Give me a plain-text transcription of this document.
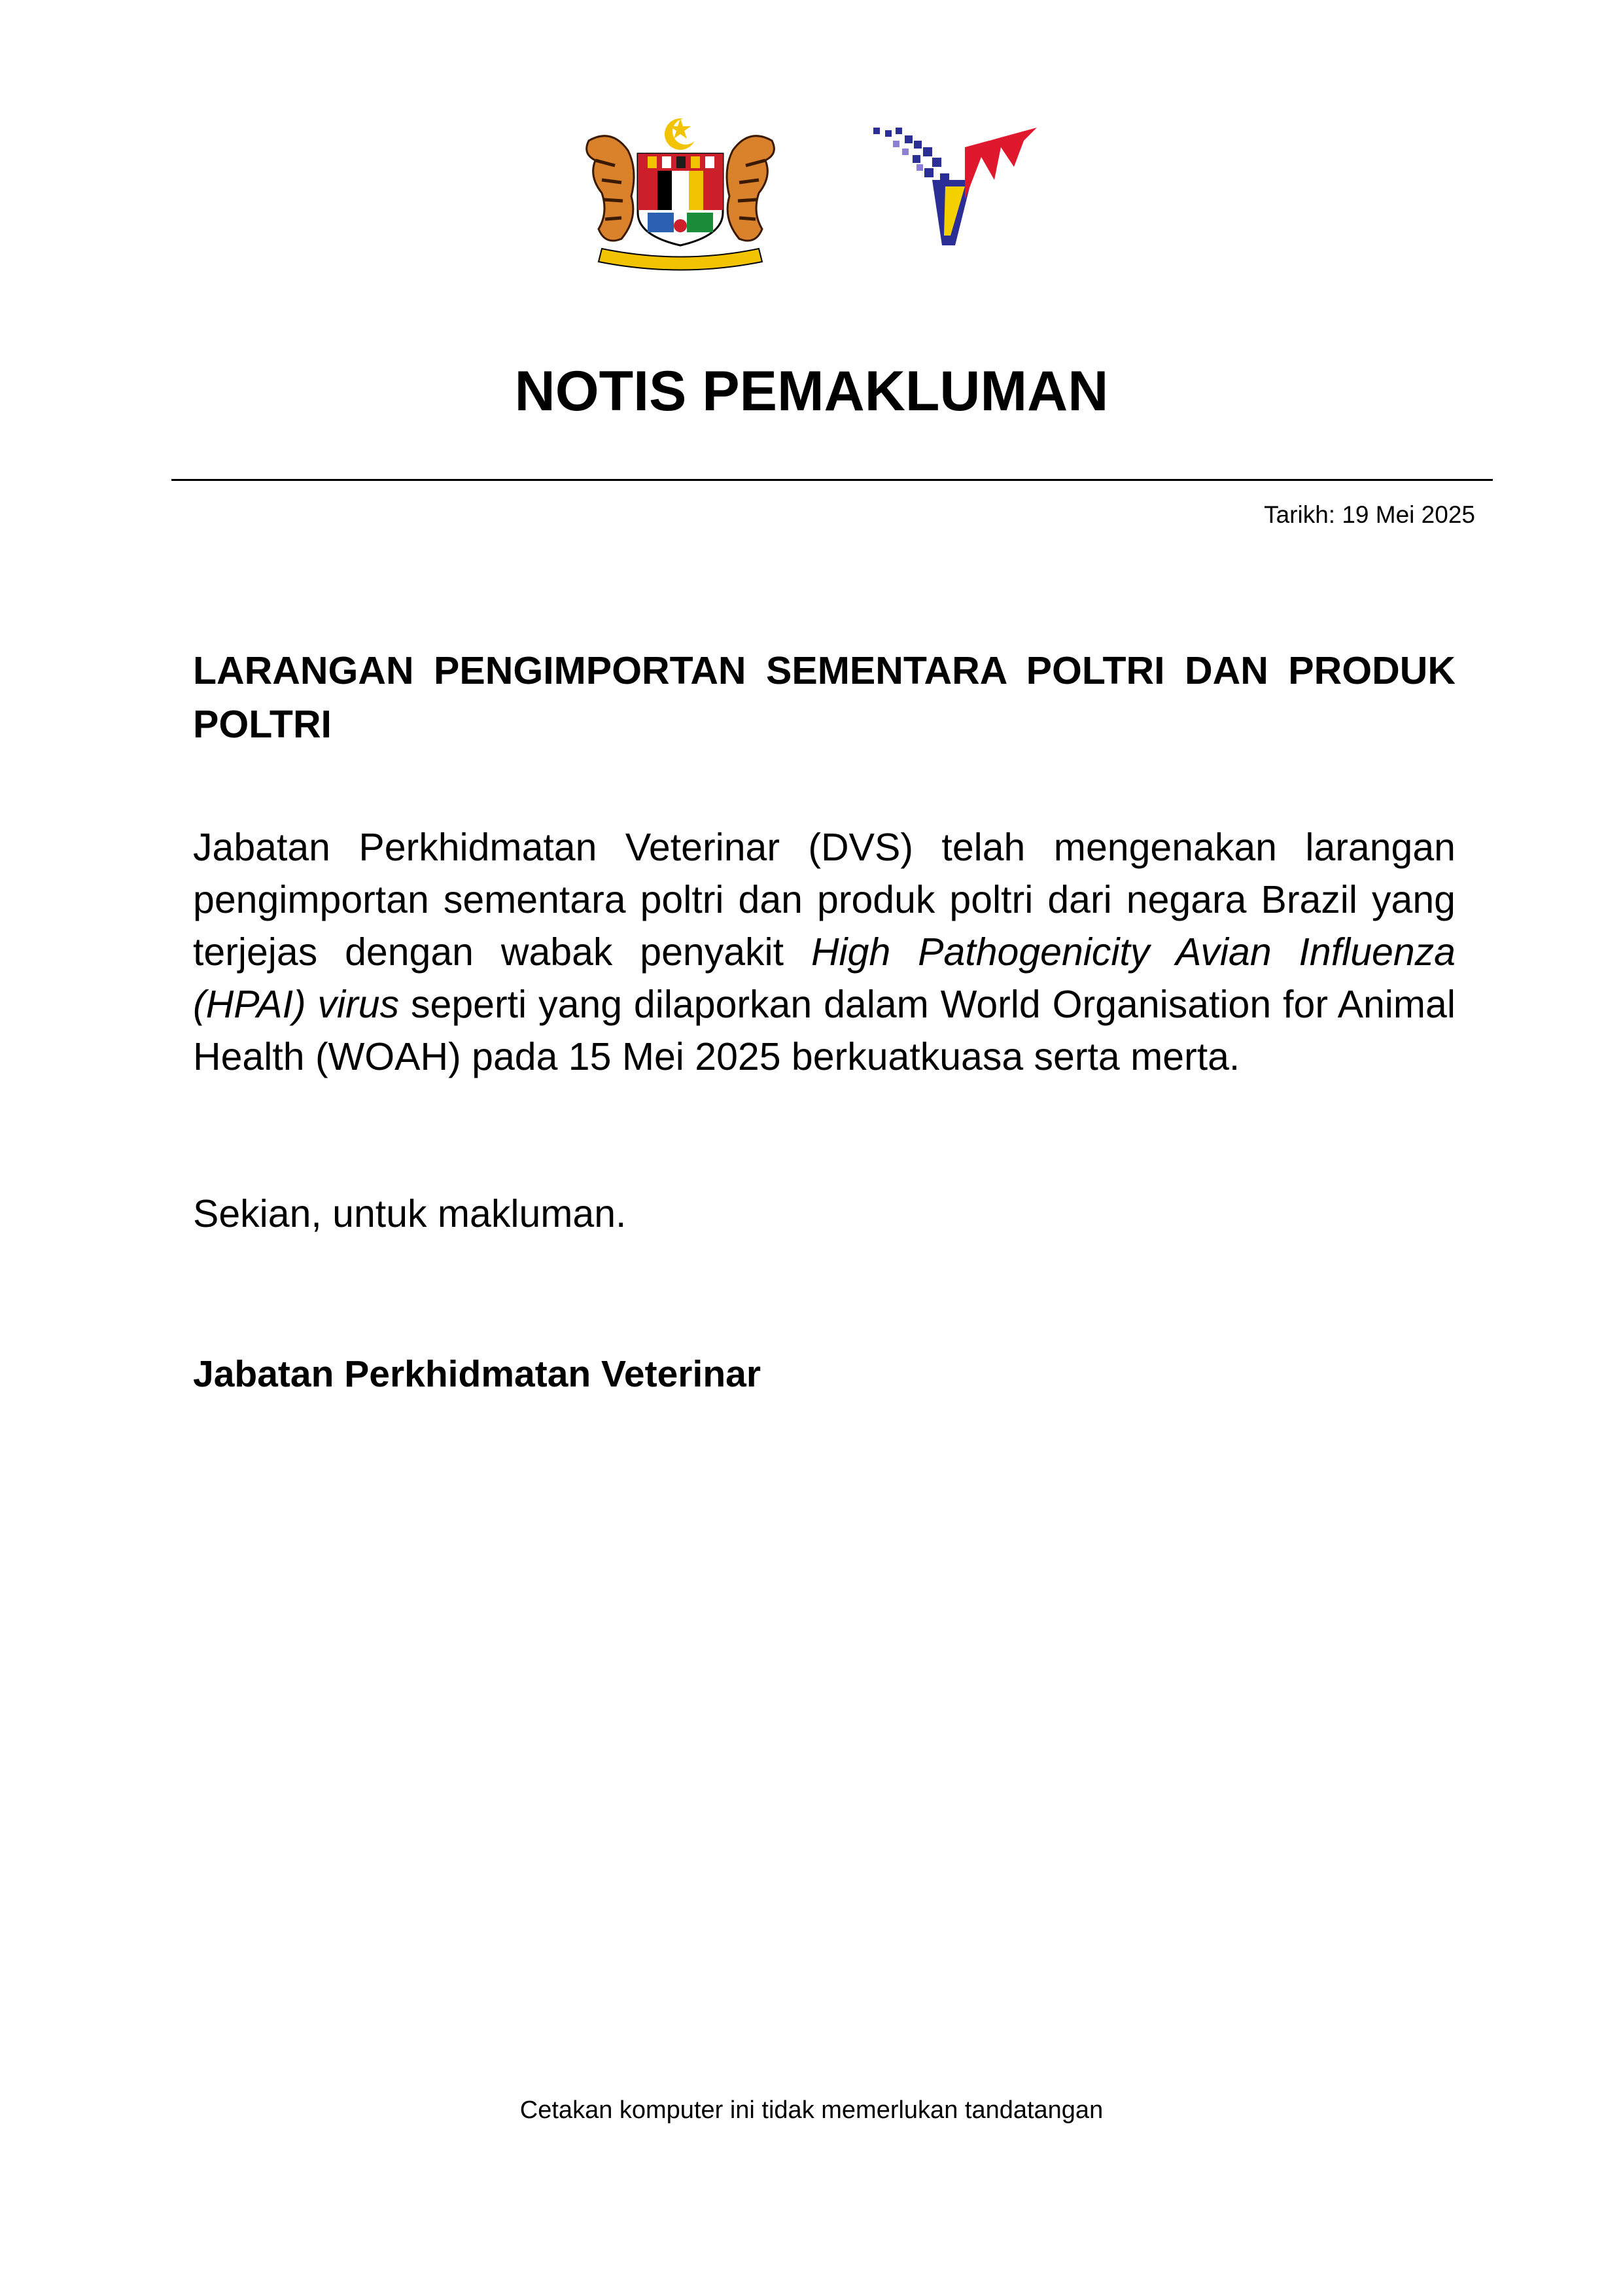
NOTIS PEMAKLUMAN
Tarikh: 19 Mei 2025
LARANGAN PENGIMPORTAN SEMENTARA POLTRI DAN PRODUK POLTRI
Jabatan Perkhidmatan Veterinar (DVS) telah mengenakan larangan pengimportan sementara poltri dan produk poltri dari negara Brazil yang terjejas dengan wabak penyakit High Pathogenicity Avian Influenza (HPAI) virus seperti yang dilaporkan dalam World Organisation for Animal Health (WOAH) pada 15 Mei 2025 berkuatkuasa serta merta.
Sekian, untuk makluman.
Jabatan Perkhidmatan Veterinar
Cetakan komputer ini tidak memerlukan tandatangan
